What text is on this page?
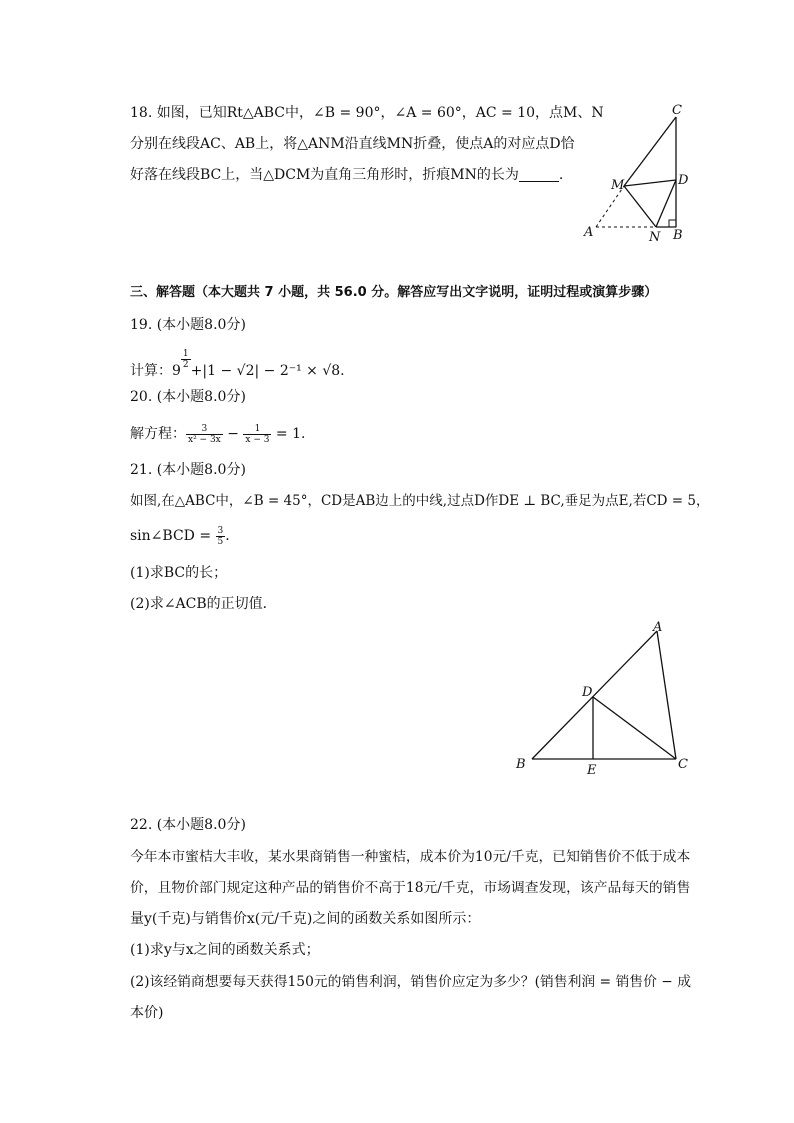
18. 如图，已知Rt△ABC中，∠B = 90°，∠A = 60°，AC = 10，点M、N
分别在线段AC、AB上，将△ANM沿直线MN折叠，使点A的对应点D恰
好落在线段BC上，当△DCM为直角三角形时，折痕MN的长为	.
C
M	D
A	N B
三、解答题（本大题共 7 小题，共 56.0 分。解答应写出文字说明，证明过程或演算步骤）
19. (本小题8.0分)
计算：9
$\frac{1}{2}$
+|1 − √2| − 2⁻¹ × √8.
20. (本小题8.0分)
解方程： $\frac{3}{\text{x² − 3x}} - \frac{1}{x - 3} = 1$.
21. (本小题8.0分)
如图,在△ABC中，∠B = 45°，CD是AB边上的中线,过点D作DE ⊥ BC,垂足为点E,若CD = 5，
sin∠BCD = $\frac{3}{5}$ .
(1)求BC的长；
(2)求∠ACB的正切值．
A
D
B	E	C
22. (本小题8.0分)
今年本市蜜桔大丰收，某水果商销售一种蜜桔，成本价为10元/千克，已知销售价不低于成本
价，且物价部门规定这种产品的销售价不高于18元/千克，市场调查发现，该产品每天的销售
量y(千克)与销售价x(元/千克)之间的函数关系如图所示：
(1)求y与x之间的函数关系式；
(2)该经销商想要每天获得150元的销售利润，销售价应定为多少？(销售利润 = 销售价 − 成
本价)
